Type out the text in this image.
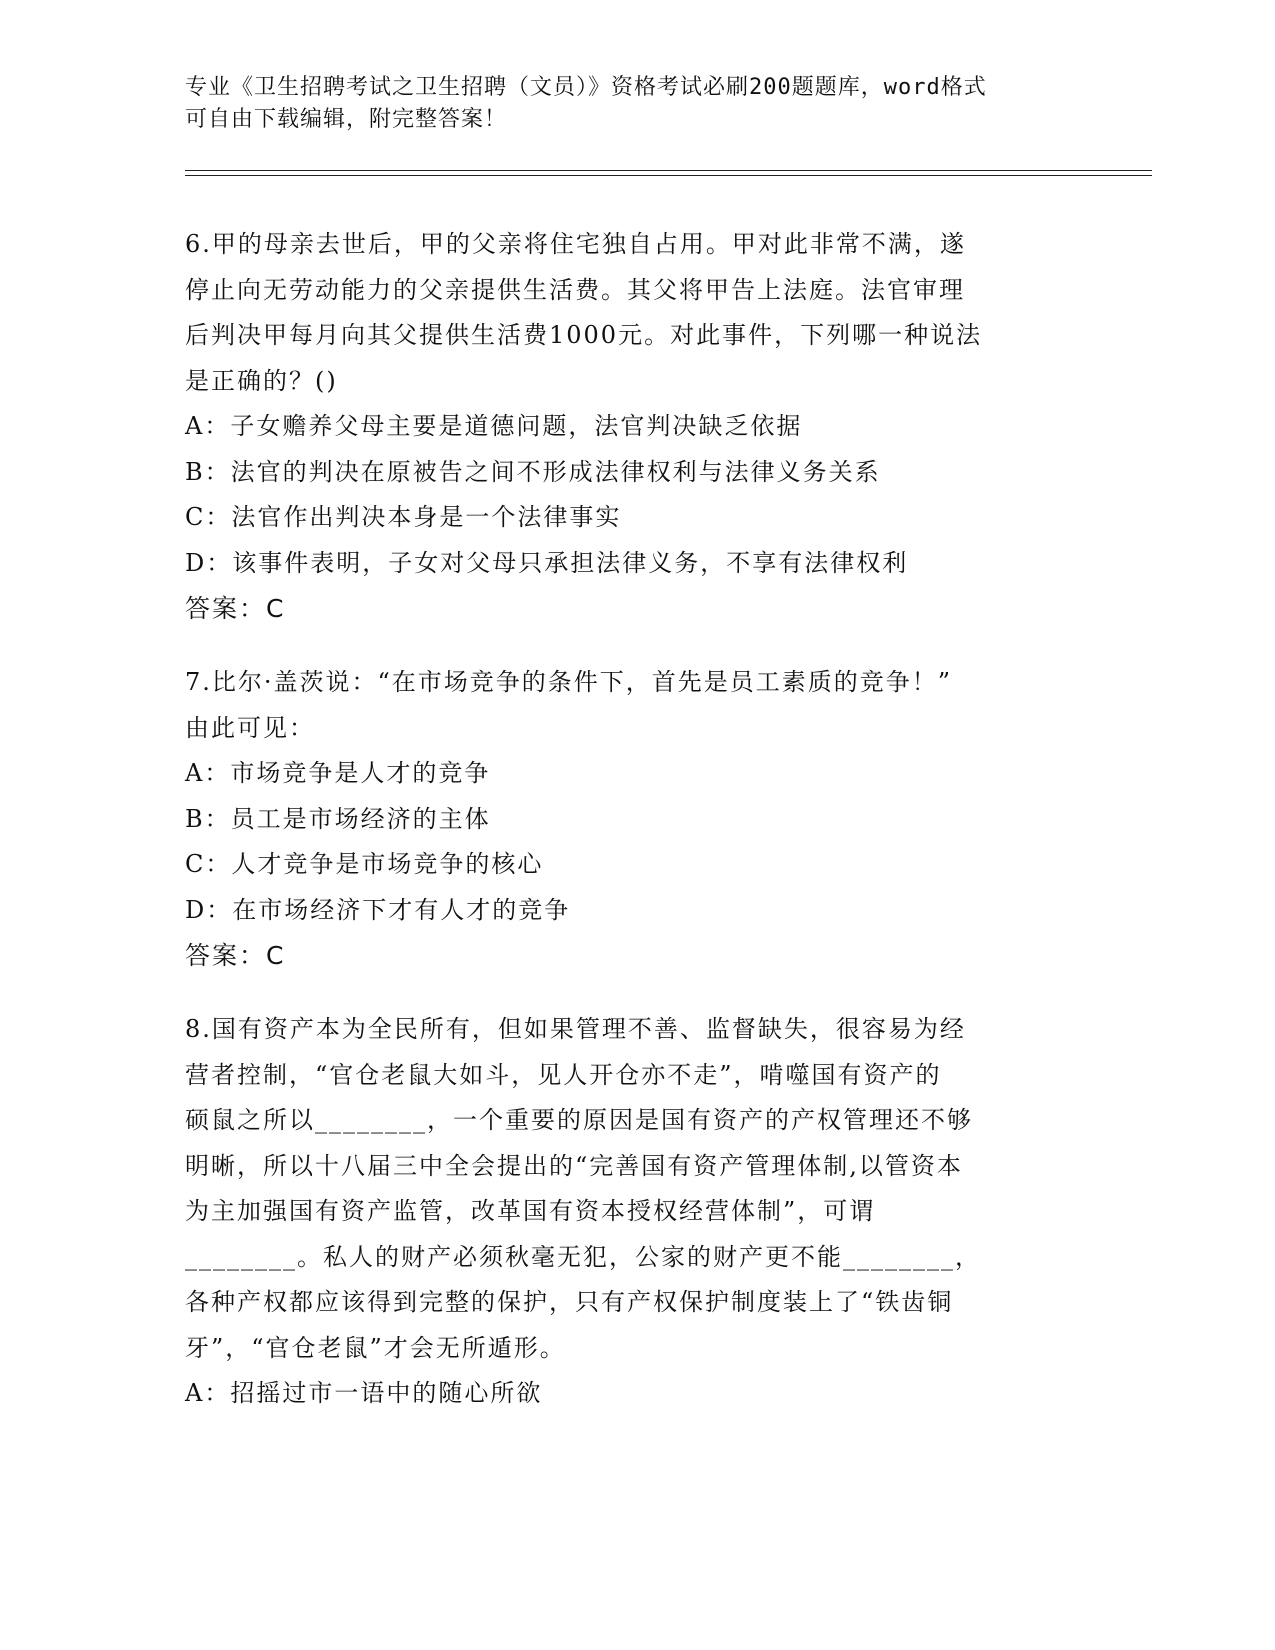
专业《卫生招聘考试之卫生招聘（文员）》资格考试必刷200题题库，word格式
可自由下载编辑，附完整答案！
6.甲的母亲去世后，甲的父亲将住宅独自占用。甲对此非常不满，遂
停止向无劳动能力的父亲提供生活费。其父将甲告上法庭。法官审理
后判决甲每月向其父提供生活费1000元。对此事件，下列哪一种说法
是正确的？()
A：子女赡养父母主要是道德问题，法官判决缺乏依据
B：法官的判决在原被告之间不形成法律权利与法律义务关系
C：法官作出判决本身是一个法律事实
D：该事件表明，子女对父母只承担法律义务，不享有法律权利
答案：C
7.比尔·盖茨说：“在市场竞争的条件下，首先是员工素质的竞争！”
由此可见：
A：市场竞争是人才的竞争
B：员工是市场经济的主体
C：人才竞争是市场竞争的核心
D：在市场经济下才有人才的竞争
答案：C
8.国有资产本为全民所有，但如果管理不善、监督缺失，很容易为经
营者控制，“官仓老鼠大如斗，见人开仓亦不走”，啃噬国有资产的
硕鼠之所以________，一个重要的原因是国有资产的产权管理还不够
明晰，所以十八届三中全会提出的“完善国有资产管理体制,以管资本
为主加强国有资产监管，改革国有资本授权经营体制”，可谓
________。私人的财产必须秋毫无犯，公家的财产更不能________，
各种产权都应该得到完整的保护，只有产权保护制度装上了“铁齿铜
牙”，“官仓老鼠”才会无所遁形。
A：招摇过市一语中的随心所欲
